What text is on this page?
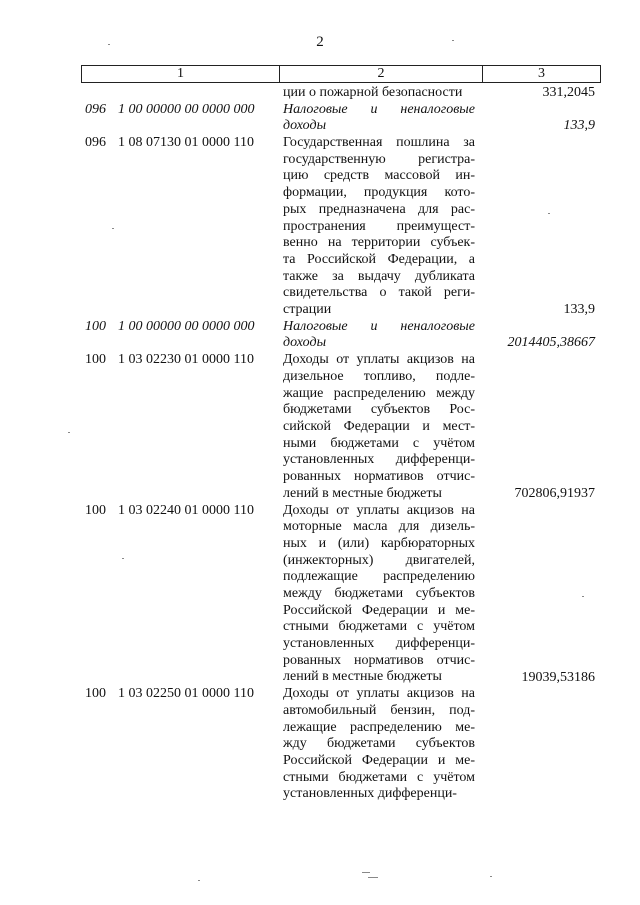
2
1	2	3
ции о пожарной безопасности	331,2045
096 1 00 00000 00 0000 000	Налоговые и неналоговые
доходы	133,9
096 1 08 07130 01 0000 110	Государственная пошлина за
государственную регистра-
цию средств массовой ин-
формации, продукция кото-
рых предназначена для рас-
пространения преимущест-
венно на территории субъек-
та Российской Федерации, а
также за выдачу дубликата
свидетельства о такой реги-
страции	133,9
100 1 00 00000 00 0000 000	Налоговые и неналоговые
доходы	2014405,38667
100 1 03 02230 01 0000 110	Доходы от уплаты акцизов на
дизельное топливо, подле-
жащие распределению между
бюджетами субъектов Рос-
сийской Федерации и мест-
ными бюджетами с учётом
установленных дифференци-
рованных нормативов отчис-
лений в местные бюджеты	702806,91937
100 1 03 02240 01 0000 110	Доходы от уплаты акцизов на
моторные масла для дизель-
ных и (или) карбюраторных
(инжекторных) двигателей,
подлежащие распределению
между бюджетами субъектов
Российской Федерации и ме-
стными бюджетами с учётом
установленных дифференци-
рованных нормативов отчис-
лений в местные бюджеты	19039,53186
100 1 03 02250 01 0000 110	Доходы от уплаты акцизов на
автомобильный бензин, под-
лежащие распределению ме-
жду бюджетами субъектов
Российской Федерации и ме-
стными бюджетами с учётом
установленных дифференци-
